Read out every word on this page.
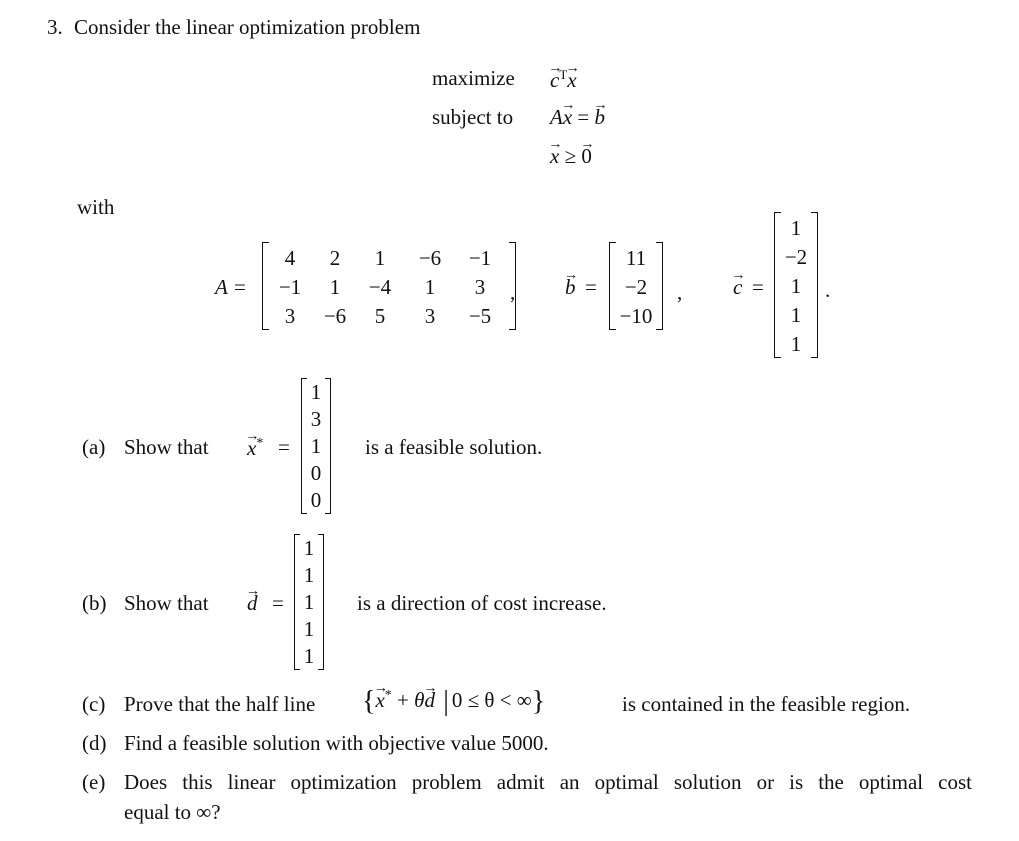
3. Consider the linear optimization problem
maximize → $c^T\to x$
subject to A→ x = → b
→ x ≥ → 0
with
A =
4	2	1	−6	−1
−1	1	−4	1	3
3	−6	5	3	−5
, → b =
11
−2
−10
, → c =
1
−2
1
1
1
.
(a) Show that → x* =
1
3
1
0
0
is a feasible solution.
(b) Show that → d =
1
1
1
1
1
is a direction of cost increase.
(c) Prove that the half line {→ x* + θ→ d | 0 ≤ θ < ∞}	is contained in the feasible region.
(d) Find a feasible solution with objective value 5000.
(e) Does this linear optimization problem admit an optimal solution or is the optimal cost
equal to ∞?
